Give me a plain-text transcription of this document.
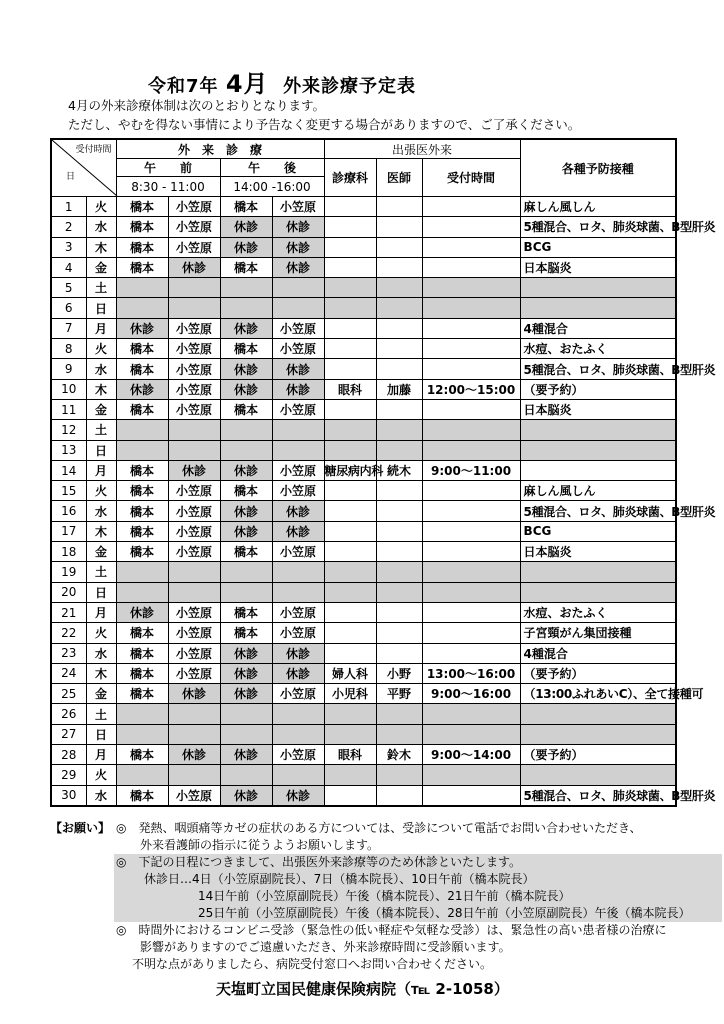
令和7年 4月 外来診療予定表
4月の外来診療体制は次のとおりとなります。
ただし、やむを得ない事情により予告なく変更する場合がありますので、ご了承ください。
受付時間
日		外　来　診　療				出張医外来			各種予防接種
		午　　前		午　　後		診療科	医師	受付時間	
		8:30 - 11:00		14:00 -16:00					
1	火	橋本	小笠原	橋本	小笠原				麻しん風しん
2	水	橋本	小笠原	休診	休診				5種混合、ロタ、肺炎球菌、B型肝炎
3	木	橋本	小笠原	休診	休診				BCG
4	金	橋本	休診	橋本	休診				日本脳炎
5	土								
6	日								
7	月	休診	小笠原	休診	小笠原				4種混合
8	火	橋本	小笠原	橋本	小笠原				水痘、おたふく
9	水	橋本	小笠原	休診	休診				5種混合、ロタ、肺炎球菌、B型肝炎
10	木	休診	小笠原	休診	休診	眼科	加藤	12:00～15:00	（要予約）
11	金	橋本	小笠原	橋本	小笠原				日本脳炎
12	土								
13	日								
14	月	橋本	休診	休診	小笠原	糖尿病内科	続木	9:00～11:00	
15	火	橋本	小笠原	橋本	小笠原				麻しん風しん
16	水	橋本	小笠原	休診	休診				5種混合、ロタ、肺炎球菌、B型肝炎
17	木	橋本	小笠原	休診	休診				BCG
18	金	橋本	小笠原	橋本	小笠原				日本脳炎
19	土								
20	日								
21	月	休診	小笠原	橋本	小笠原				水痘、おたふく
22	火	橋本	小笠原	橋本	小笠原				子宮頸がん集団接種
23	水	橋本	小笠原	休診	休診				4種混合
24	木	橋本	小笠原	休診	休診	婦人科	小野	13:00～16:00	（要予約）
25	金	橋本	休診	休診	小笠原	小児科	平野	9:00～16:00	（13:00ふれあいC）、全て接種可
26	土								
27	日								
28	月	橋本	休診	休診	小笠原	眼科	鈴木	9:00～14:00	（要予約）
29	火								
30	水	橋本	小笠原	休診	休診				5種混合、ロタ、肺炎球菌、B型肝炎
【お願い】 ◎　発熱、咽頭痛等カゼの症状のある方については、受診について電話でお問い合わせいただき、
外来看護師の指示に従うようお願いします。
◎　下記の日程につきまして、出張医外来診療等のため休診といたします。
休診日…4日（小笠原副院長）、7日（橋本院長）、10日午前（橋本院長）
14日午前（小笠原副院長）午後（橋本院長）、21日午前（橋本院長）
25日午前（小笠原副院長）午後（橋本院長）、28日午前（小笠原副院長）午後（橋本院長）
◎　時間外におけるコンビニ受診（緊急性の低い軽症や気軽な受診）は、緊急性の高い患者様の治療に
影響がありますのでご遠慮いただき、外来診療時間に受診願います。
不明な点がありましたら、病院受付窓口へお問い合わせください。
天塩町立国民健康保険病院（℡ 2-1058）
